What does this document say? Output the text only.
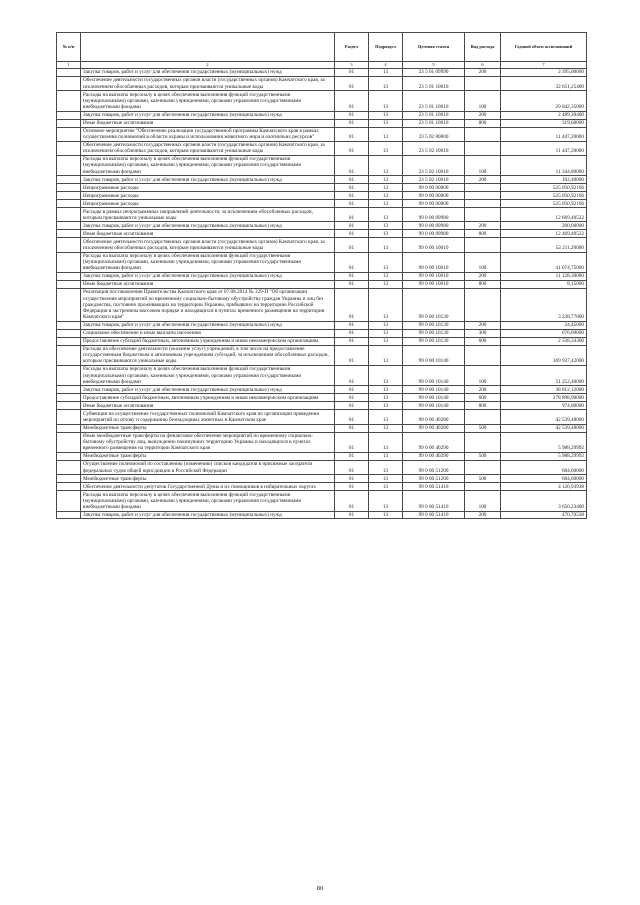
№ п/п		Раздел	Подраздел	Целевая статья	Вид расхода	Годовой объем ассигнований
1	2	3	4	5	6	7
	Закупка товаров, работ и услуг для обеспечения государственных (муниципальных) нужд	01	13	23 5 01 09990	200	2 395,00000
	Обеспечение деятельности государственных органов власти (государственных органов) Камчатского края, за исключением обособленных расходов, которым присваиваются уникальные коды	01	13	23 5 01 10010		32 651,25400
	Расходы на выплаты персоналу в целях обеспечения выполнения функций государственными (муниципальными) органами, казенными учреждениями, органами управления государственными внебюджетными фондами	01	13	23 5 01 10010	100	29 842,35000
	Закупка товаров, работ и услуг для обеспечения государственных (муниципальных) нужд	01	13	23 5 01 10010	200	2 489,30400
	Иные бюджетные ассигнования	01	13	23 5 01 10010	800	319,60000
	Основное мероприятие "Обеспечение реализации государственной программы Камчатского края в рамках осуществления полномочий в области охраны и использования животного мира и охотничьих ресурсов"	01	13	23 5 02 00000		11 447,20000
	Обеспечение деятельности государственных органов власти (государственных органов) Камчатского края, за исключением обособленных расходов, которым присваиваются уникальные коды	01	13	23 5 02 10010		11 447,20000
	Расходы на выплаты персоналу в целях обеспечения выполнения функций государственными (муниципальными) органами, казенными учреждениями, органами управления государственными внебюджетными фондами	01	13	23 5 02 10010	100	11 344,80000
	Закупка товаров, работ и услуг для обеспечения государственных (муниципальных) нужд	01	13	23 5 02 10010	200	102,40000
	Непрограммные расходы	01	13	99 0 00 00000		525 050,92166
	Непрограммные расходы	01	13	99 0 00 00000		525 050,92166
	Непрограммные расходы	01	13	99 0 00 00000		525 050,92166
	Расходы в рамках непрограммных направлений деятельности, за исключением обособленных расходов, которым присваиваются уникальные коды	01	13	99 0 00 09980		12 669,40522
	Закупка товаров, работ и услуг для обеспечения государственных (муниципальных) нужд	01	13	99 0 00 09980	200	200,00000
	Иные бюджетные ассигнования	01	13	99 0 00 09980	800	12 469,40522
	Обеспечение деятельности государственных органов власти (государственных органов) Камчатского края, за исключением обособленных расходов, которым присваиваются уникальные коды	01	13	99 0 00 10010		52 211,20000
	Расходы на выплаты персоналу в целях обеспечения выполнения функций государственными (муниципальными) органами, казенными учреждениями, органами управления государственными внебюджетными фондами	01	13	99 0 00 10010	100	41 074,75000
	Закупка товаров, работ и услуг для обеспечения государственных (муниципальных) нужд	01	13	99 0 00 10010	200	11 128,30000
	Иные бюджетные ассигнования	01	13	99 0 00 10010	800	8,15000
	Реализация постановления Правительства Камчатского края от 07.08.2014 № 329-П "Об организации осуществления мероприятий по временному социально-бытовому обустройству граждан Украины и лиц без гражданства, постоянно проживающих на территории Украины, прибывших на территорию Российской Федерации в экстренном массовом порядке и находящихся в пунктах временного размещения на территории Камчатского края"	01	13	99 0 00 10120		3 238,77800
	Закупка товаров, работ и услуг для обеспечения государственных (муниципальных) нужд	01	13	99 0 00 10120	200	24,45000
	Социальное обеспечение и иные выплаты населению	01	13	99 0 00 10120	300	676,00000
	Предоставление субсидий бюджетным, автономным учреждениям и иным некоммерческим организациям	01	13	99 0 00 10120	600	2 538,34300
	Расходы на обеспечение деятельности (оказание услуг) учреждений, в том числе на предоставление государственным бюджетным и автономным учреждениям субсидий, за исключением обособленных расходов, которым присваиваются уникальные коды	01	13	99 0 00 10140		369 937,42000
	Расходы на выплаты персоналу в целях обеспечения выполнения функций государственными (муниципальными) органами, казенными учреждениями, органами управления государственными внебюджетными фондами	01	13	99 0 00 10140	100	51 252,40000
	Закупка товаров, работ и услуг для обеспечения государственных (муниципальных) нужд	01	13	99 0 00 10140	200	38 812,12000
	Предоставление субсидий бюджетным, автономным учреждениям и иным некоммерческим организациям	01	13	99 0 00 10140	600	278 898,90000
	Иные бюджетные ассигнования	01	13	99 0 00 10140	800	974,00000
	Субвенции на осуществление государственных полномочий Камчатского края по организации проведения мероприятий по отлову и содержанию безнадзорных животных в Камчатском крае	01	13	99 0 00 40280		42 539,48000
	Межбюджетные трансферты	01	13	99 0 00 40280	500	42 539,48000
	Иные межбюджетные трансферты на финансовое обеспечение мероприятий по временному социально-бытовому обустройству лиц, вынужденно покинувших территорию Украины и находящихся в пунктах временного размещения на территории Камчатского края	01	13	99 0 00 40290		5 988,29992
	Межбюджетные трансферты	01	13	99 0 00 40290	500	5 988,29992
	Осуществление полномочий по составлению (изменению) списков кандидатов в присяжные заседатели федеральных судов общей юрисдикции в Российской Федерации	01	13	99 0 00 51200		684,60000
	Межбюджетные трансферты	01	13	99 0 00 51200	500	684,60000
	Обеспечение деятельности депутатов Государственной Думы и их помощников в избирательных округах	01	13	99 0 00 51410		4 126,93938
	Расходы на выплаты персоналу в целях обеспечения выполнения функций государственными (муниципальными) органами, казенными учреждениями, органами управления государственными внебюджетными фондами	01	13	99 0 00 51410	100	3 656,23400
	Закупка товаров, работ и услуг для обеспечения государственных (муниципальных) нужд	01	13	99 0 00 51410	200	470,70538
80
